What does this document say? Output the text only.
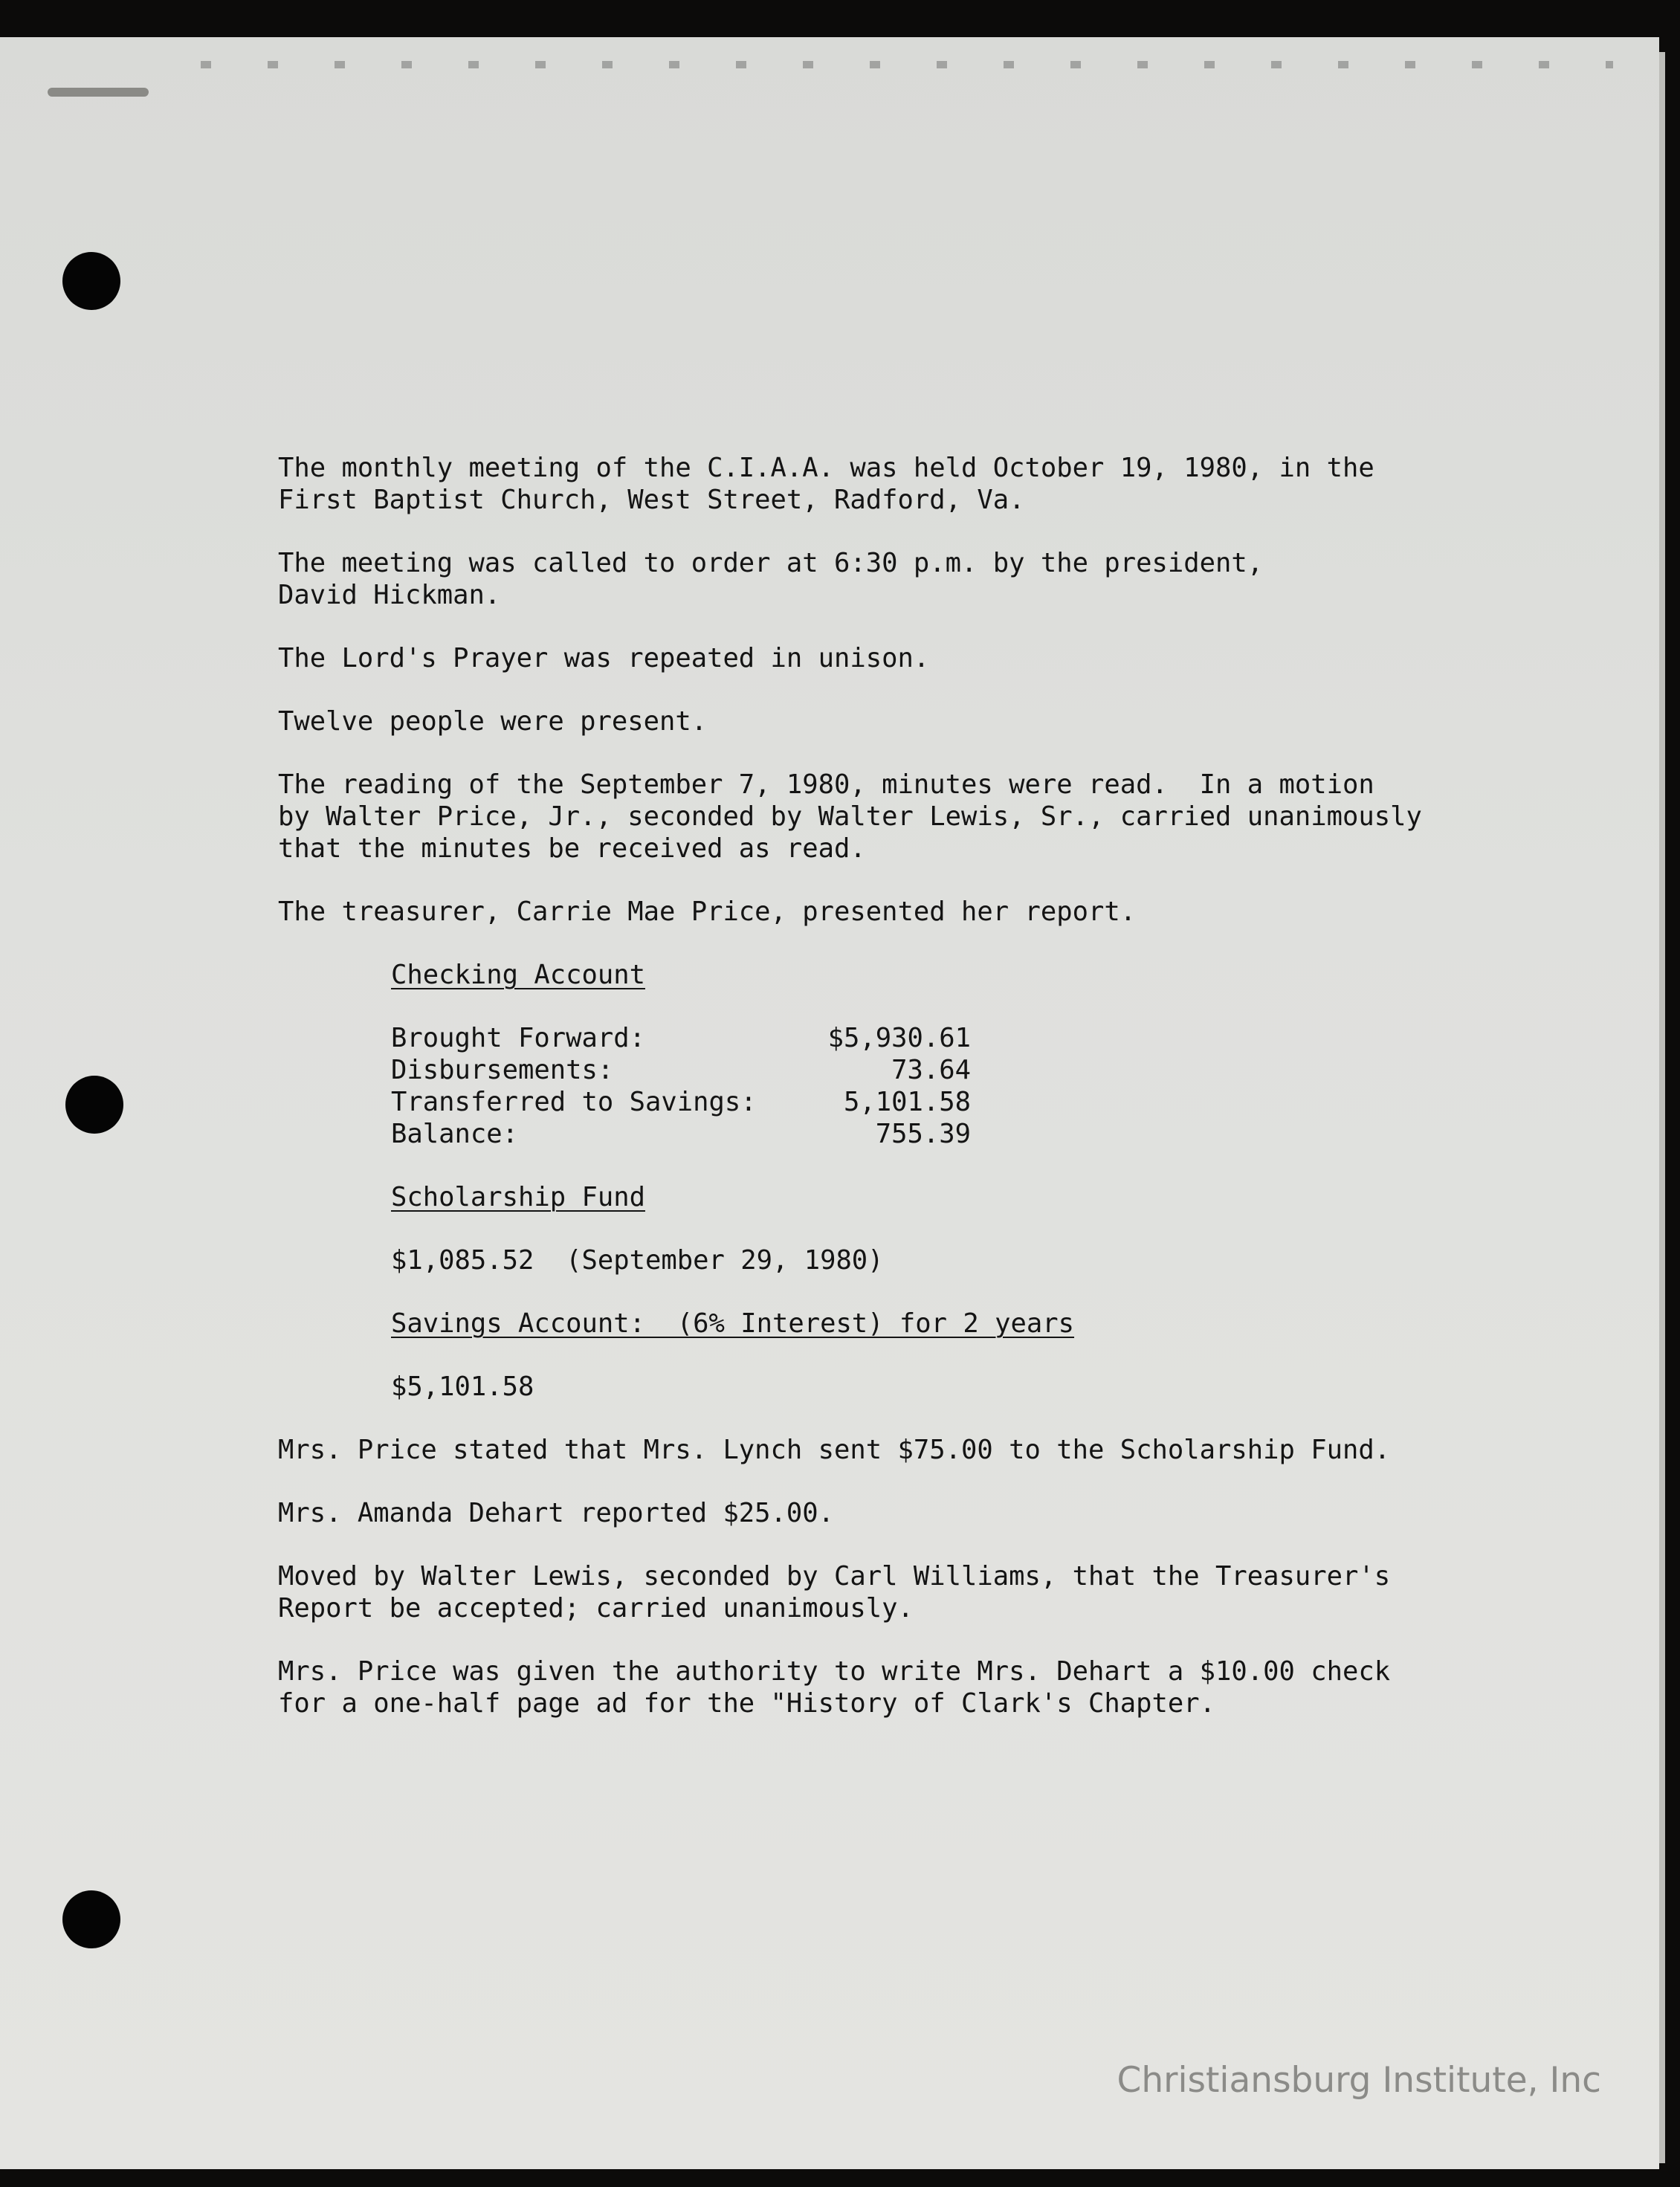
The monthly meeting of the C.I.A.A. was held October 19, 1980, in the
First Baptist Church, West Street, Radford, Va.

The meeting was called to order at 6:30 p.m. by the president,
David Hickman.

The Lord's Prayer was repeated in unison.

Twelve people were present.

The reading of the September 7, 1980, minutes were read.  In a motion
by Walter Price, Jr., seconded by Walter Lewis, Sr., carried unanimously
that the minutes be received as read.

The treasurer, Carrie Mae Price, presented her report.

Checking Account

Brought Forward:	$5,930.61
Disbursements:	73.64
Transferred to Savings:	5,101.58
Balance:	755.39

Scholarship Fund

$1,085.52  (September 29, 1980)

Savings Account:  (6% Interest) for 2 years

$5,101.58

Mrs. Price stated that Mrs. Lynch sent $75.00 to the Scholarship Fund.

Mrs. Amanda Dehart reported $25.00.

Moved by Walter Lewis, seconded by Carl Williams, that the Treasurer's
Report be accepted; carried unanimously.

Mrs. Price was given the authority to write Mrs. Dehart a $10.00 check
for a one-half page ad for the "History of Clark's Chapter.

Christiansburg Institute, Inc
